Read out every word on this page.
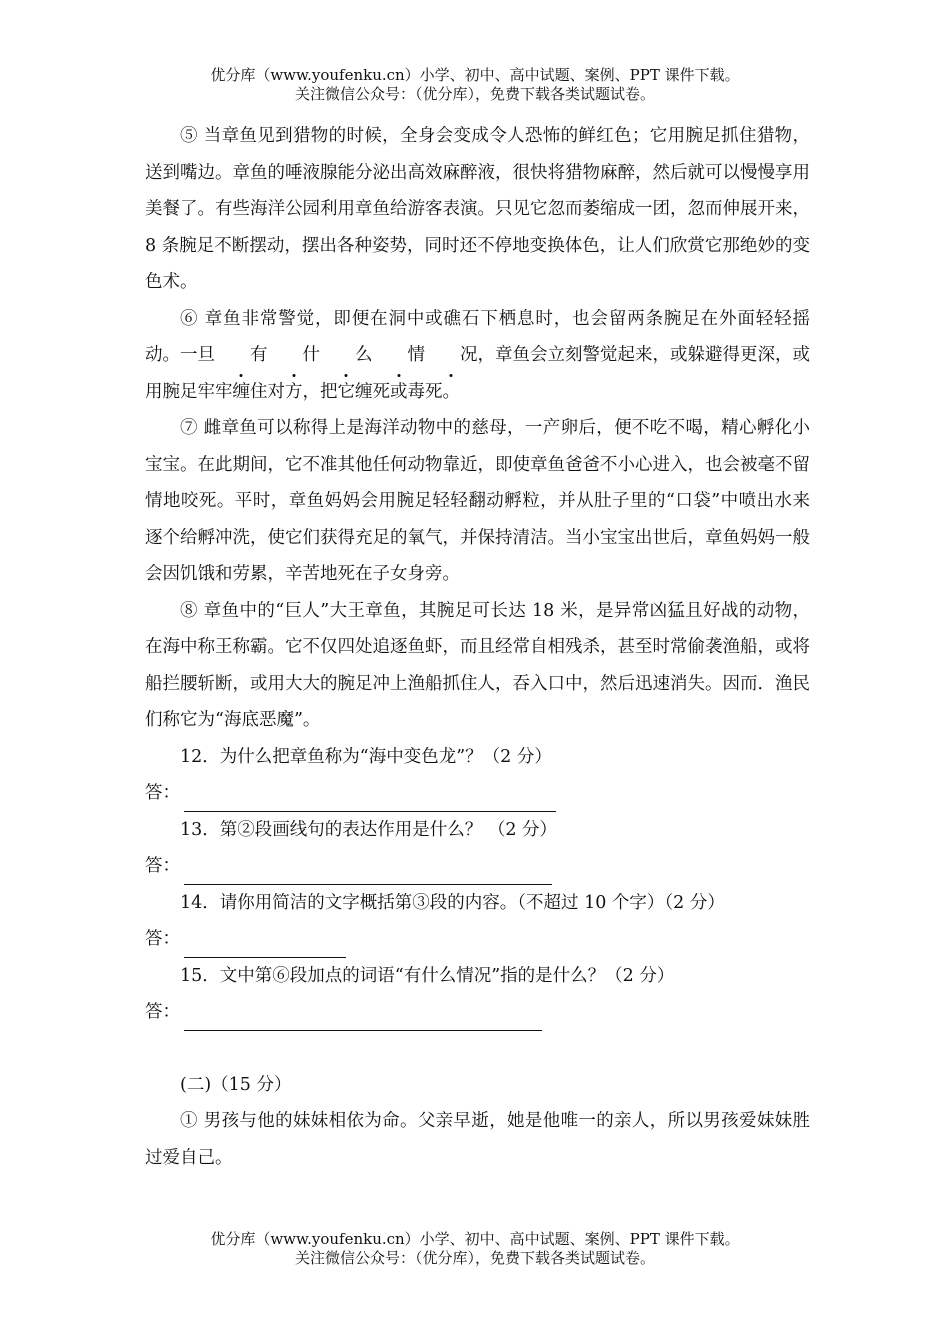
优分库（www.youfenku.cn）小学、初中、高中试题、案例、PPT 课件下载。
关注微信公众号：（优分库），免费下载各类试题试卷。

⑤ 当章鱼见到猎物的时候，全身会变成令人恐怖的鲜红色；它用腕足抓住猎物，送到嘴边。章鱼的唾液腺能分泌出高效麻醉液，很快将猎物麻醉，然后就可以慢慢享用美餐了。有些海洋公园利用章鱼给游客表演。只见它忽而萎缩成一团，忽而伸展开来，8 条腕足不断摆动，摆出各种姿势，同时还不停地变换体色，让人们欣赏它那绝妙的变色术。

⑥ 章鱼非常警觉，即便在洞中或礁石下栖息时，也会留两条腕足在外面轻轻摇动。一旦 有 什 么 情 况，章鱼会立刻警觉起来，或躲避得更深，或用腕足牢牢缠住对方，把它缠死或毒死。

⑦ 雌章鱼可以称得上是海洋动物中的慈母，一产卵后，便不吃不喝，精心孵化小宝宝。在此期间，它不准其他任何动物靠近，即使章鱼爸爸不小心进入，也会被毫不留情地咬死。平时，章鱼妈妈会用腕足轻轻翻动孵粒，并从肚子里的“口袋”中喷出水来逐个给孵冲洗，使它们获得充足的氧气，并保持清洁。当小宝宝出世后，章鱼妈妈一般会因饥饿和劳累，辛苦地死在子女身旁。

⑧ 章鱼中的“巨人”大王章鱼，其腕足可长达 18 米，是异常凶猛且好战的动物，在海中称王称霸。它不仅四处追逐鱼虾，而且经常自相残杀，甚至时常偷袭渔船，或将船拦腰斩断，或用大大的腕足冲上渔船抓住人，吞入口中，然后迅速消失。因而．渔民们称它为“海底恶魔”。

12．为什么把章鱼称为“海中变色龙”？（2 分）

答：

13．第②段画线句的表达作用是什么？ （2 分）

答：

14．请你用简洁的文字概括第③段的内容。（不超过 10 个字）（2 分）

答：

15．文中第⑥段加点的词语“有什么情况”指的是什么？（2 分）

答：

(二)（15 分）

① 男孩与他的妹妹相依为命。父亲早逝，她是他唯一的亲人，所以男孩爱妹妹胜过爱自己。

优分库（www.youfenku.cn）小学、初中、高中试题、案例、PPT 课件下载。
关注微信公众号：（优分库），免费下载各类试题试卷。
